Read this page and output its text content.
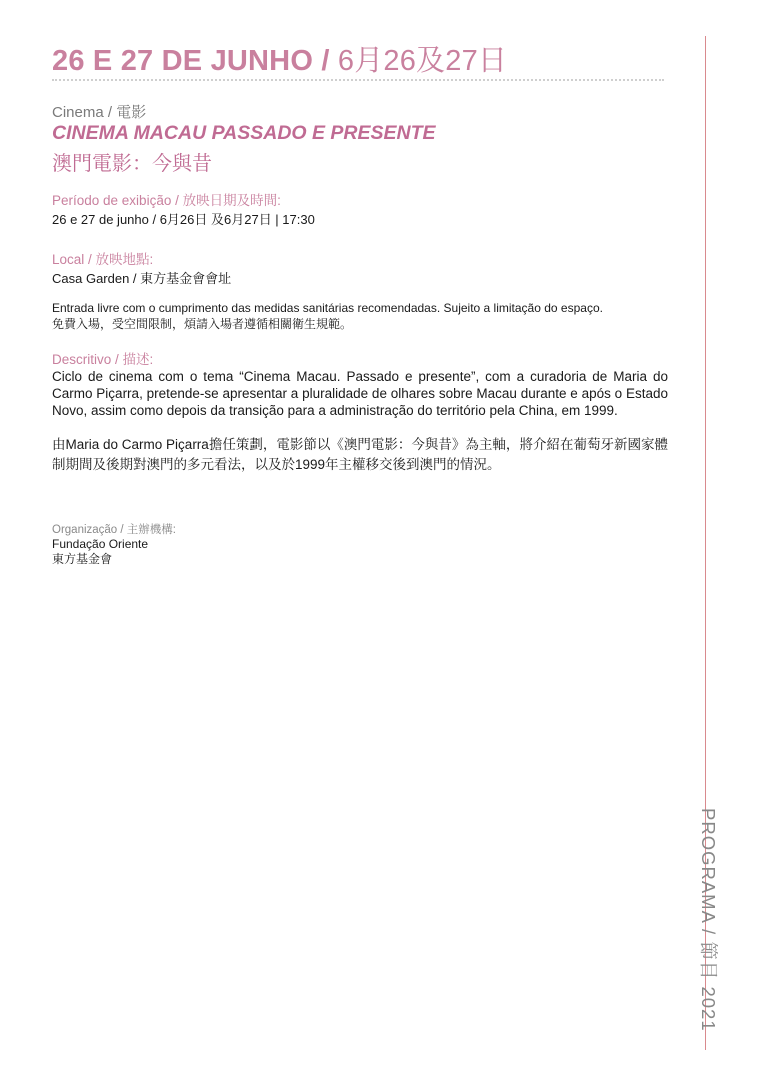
26 E 27 DE JUNHO / 6月26及27日
Cinema / 電影
CINEMA MACAU PASSADO E PRESENTE
澳門電影：今與昔
Período de exibição / 放映日期及時間:
26 e 27 de junho / 6月26日 及6月27日 | 17:30
Local / 放映地點:
Casa Garden / 東方基金會會址
Entrada livre com o cumprimento das medidas sanitárias recomendadas. Sujeito a limitação do espaço.
免費入場，受空間限制，煩請入場者遵循相關衛生規範。
Descritivo / 描述:
Ciclo de cinema com o tema “Cinema Macau. Passado e presente”, com a curadoria de Maria do Carmo Piçarra, pretende-se apresentar a pluralidade de olhares sobre Macau durante e após o Estado Novo, assim como depois da transição para a administração do território pela China, em 1999.
由Maria do Carmo Piçarra擔任策劃，電影節以《澳門電影：今與昔》為主軸，將介紹在葡萄牙新國家體制期間及後期對澳門的多元看法，以及於1999年主權移交後到澳門的情況。
Organização / 主辦機構:
Fundação Oriente
東方基金會
PROGRAMA / 節目 2021
